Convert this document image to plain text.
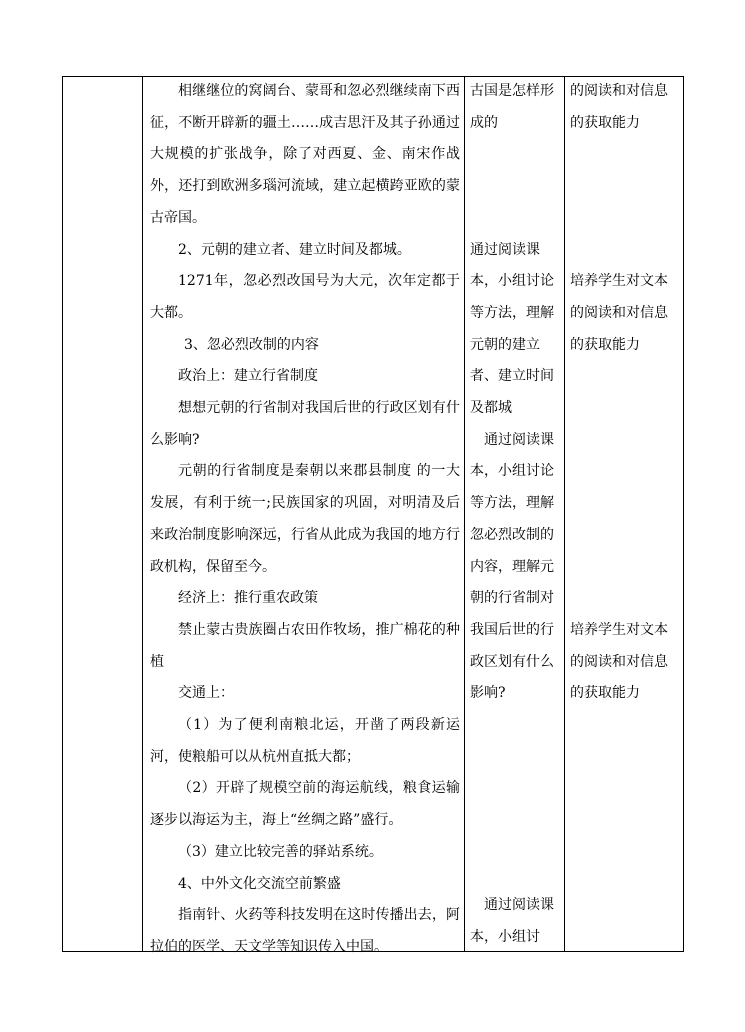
相继继位的窝阔台、蒙哥和忽必烈继续南下西征，不断开辟新的疆土……成吉思汗及其子孙通过大规模的扩张战争，除了对西夏、金、南宋作战外，还打到欧洲多瑙河流域，建立起横跨亚欧的蒙古帝国。

2、元朝的建立者、建立时间及都城。

1271年，忽必烈改国号为大元，次年定都于大都。

3、忽必烈改制的内容

政治上：建立行省制度

想想元朝的行省制对我国后世的行政区划有什么影响?

元朝的行省制度是秦朝以来郡县制度 的一大发展，有利于统一;民族国家的巩固，对明清及后来政治制度影响深远，行省从此成为我国的地方行政机构，保留至今。

经济上：推行重农政策

禁止蒙古贵族圈占农田作牧场，推广棉花的种植

交通上：

（1）为了便利南粮北运，开凿了两段新运河，使粮船可以从杭州直抵大都；

（2）开辟了规模空前的海运航线，粮食运输逐步以海运为主，海上“丝绸之路”盛行。

（3）建立比较完善的驿站系统。

4、中外文化交流空前繁盛

指南针、火药等科技发明在这时传播出去，阿拉伯的医学、天文学等知识传入中国。

古国是怎样形成的

通过阅读课本，小组讨论等方法，理解元朝的建立者、建立时间及都城

　通过阅读课本，小组讨论等方法，理解忽必烈改制的内容，理解元朝的行省制对我国后世的行政区划有什么影响?

　通过阅读课本，小组讨

的阅读和对信息的获取能力

培养学生对文本的阅读和对信息的获取能力

培养学生对文本的阅读和对信息的获取能力
